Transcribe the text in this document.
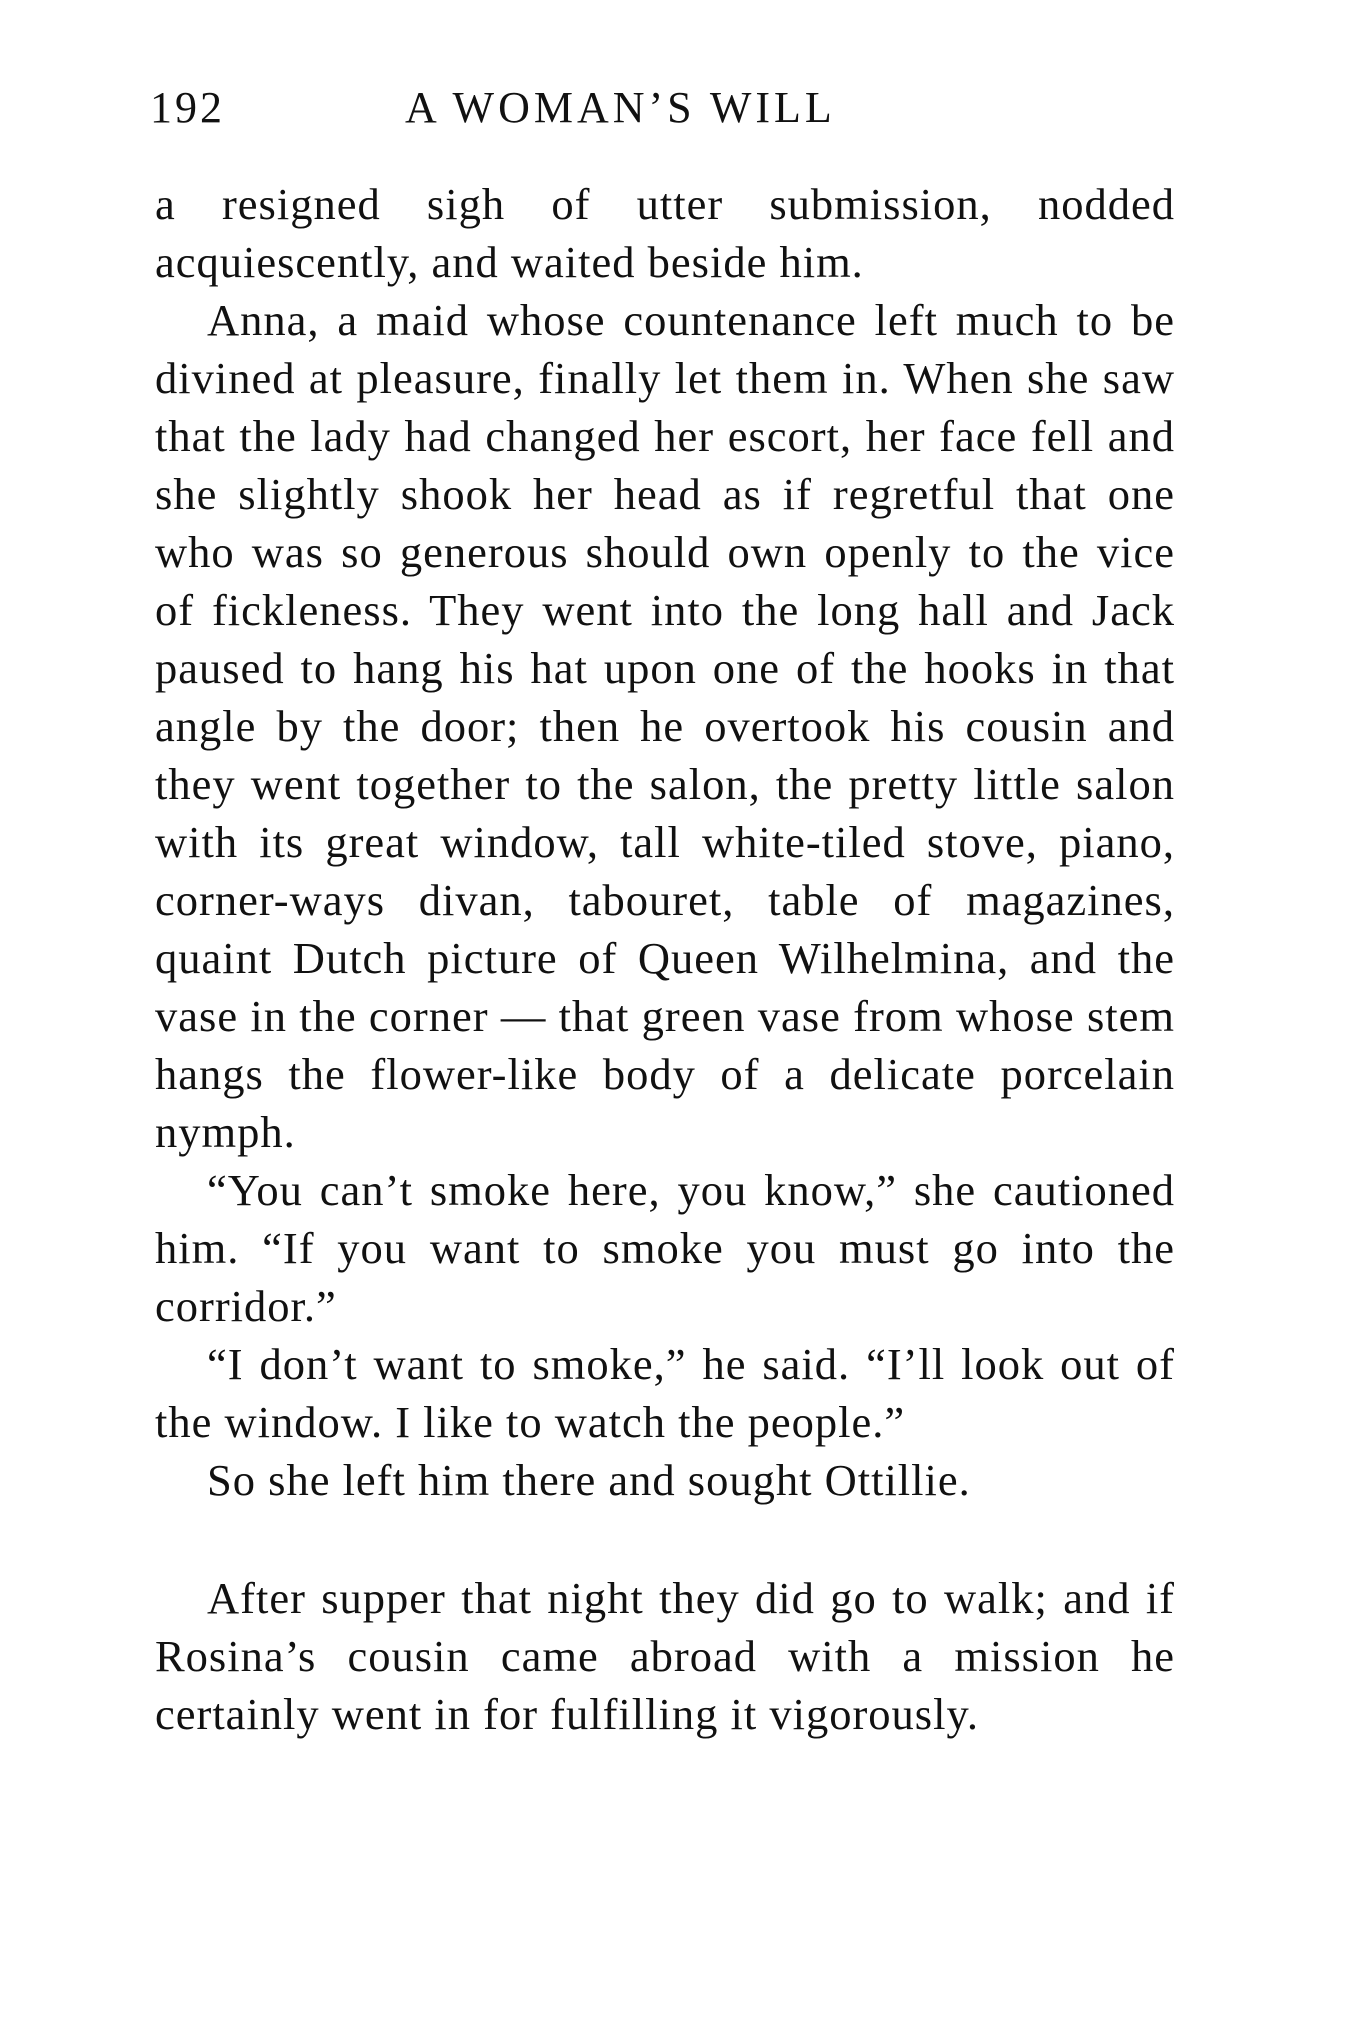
192	A WOMAN’S WILL

a resigned sigh of utter submission, nodded acquiescently, and waited beside him.

Anna, a maid whose countenance left much to be divined at pleasure, finally let them in. When she saw that the lady had changed her escort, her face fell and she slightly shook her head as if regretful that one who was so generous should own openly to the vice of fickleness. They went into the long hall and Jack paused to hang his hat upon one of the hooks in that angle by the door; then he overtook his cousin and they went together to the salon, the pretty little salon with its great window, tall white-tiled stove, piano, corner-ways divan, tabouret, table of magazines, quaint Dutch picture of Queen Wilhelmina, and the vase in the corner — that green vase from whose stem hangs the flower-like body of a delicate porcelain nymph.

“You can’t smoke here, you know,” she cautioned him. “If you want to smoke you must go into the corridor.”

“I don’t want to smoke,” he said. “I’ll look out of the window. I like to watch the people.”

So she left him there and sought Ottillie.

After supper that night they did go to walk; and if Rosina’s cousin came abroad with a mission he certainly went in for fulfilling it vigorously.
